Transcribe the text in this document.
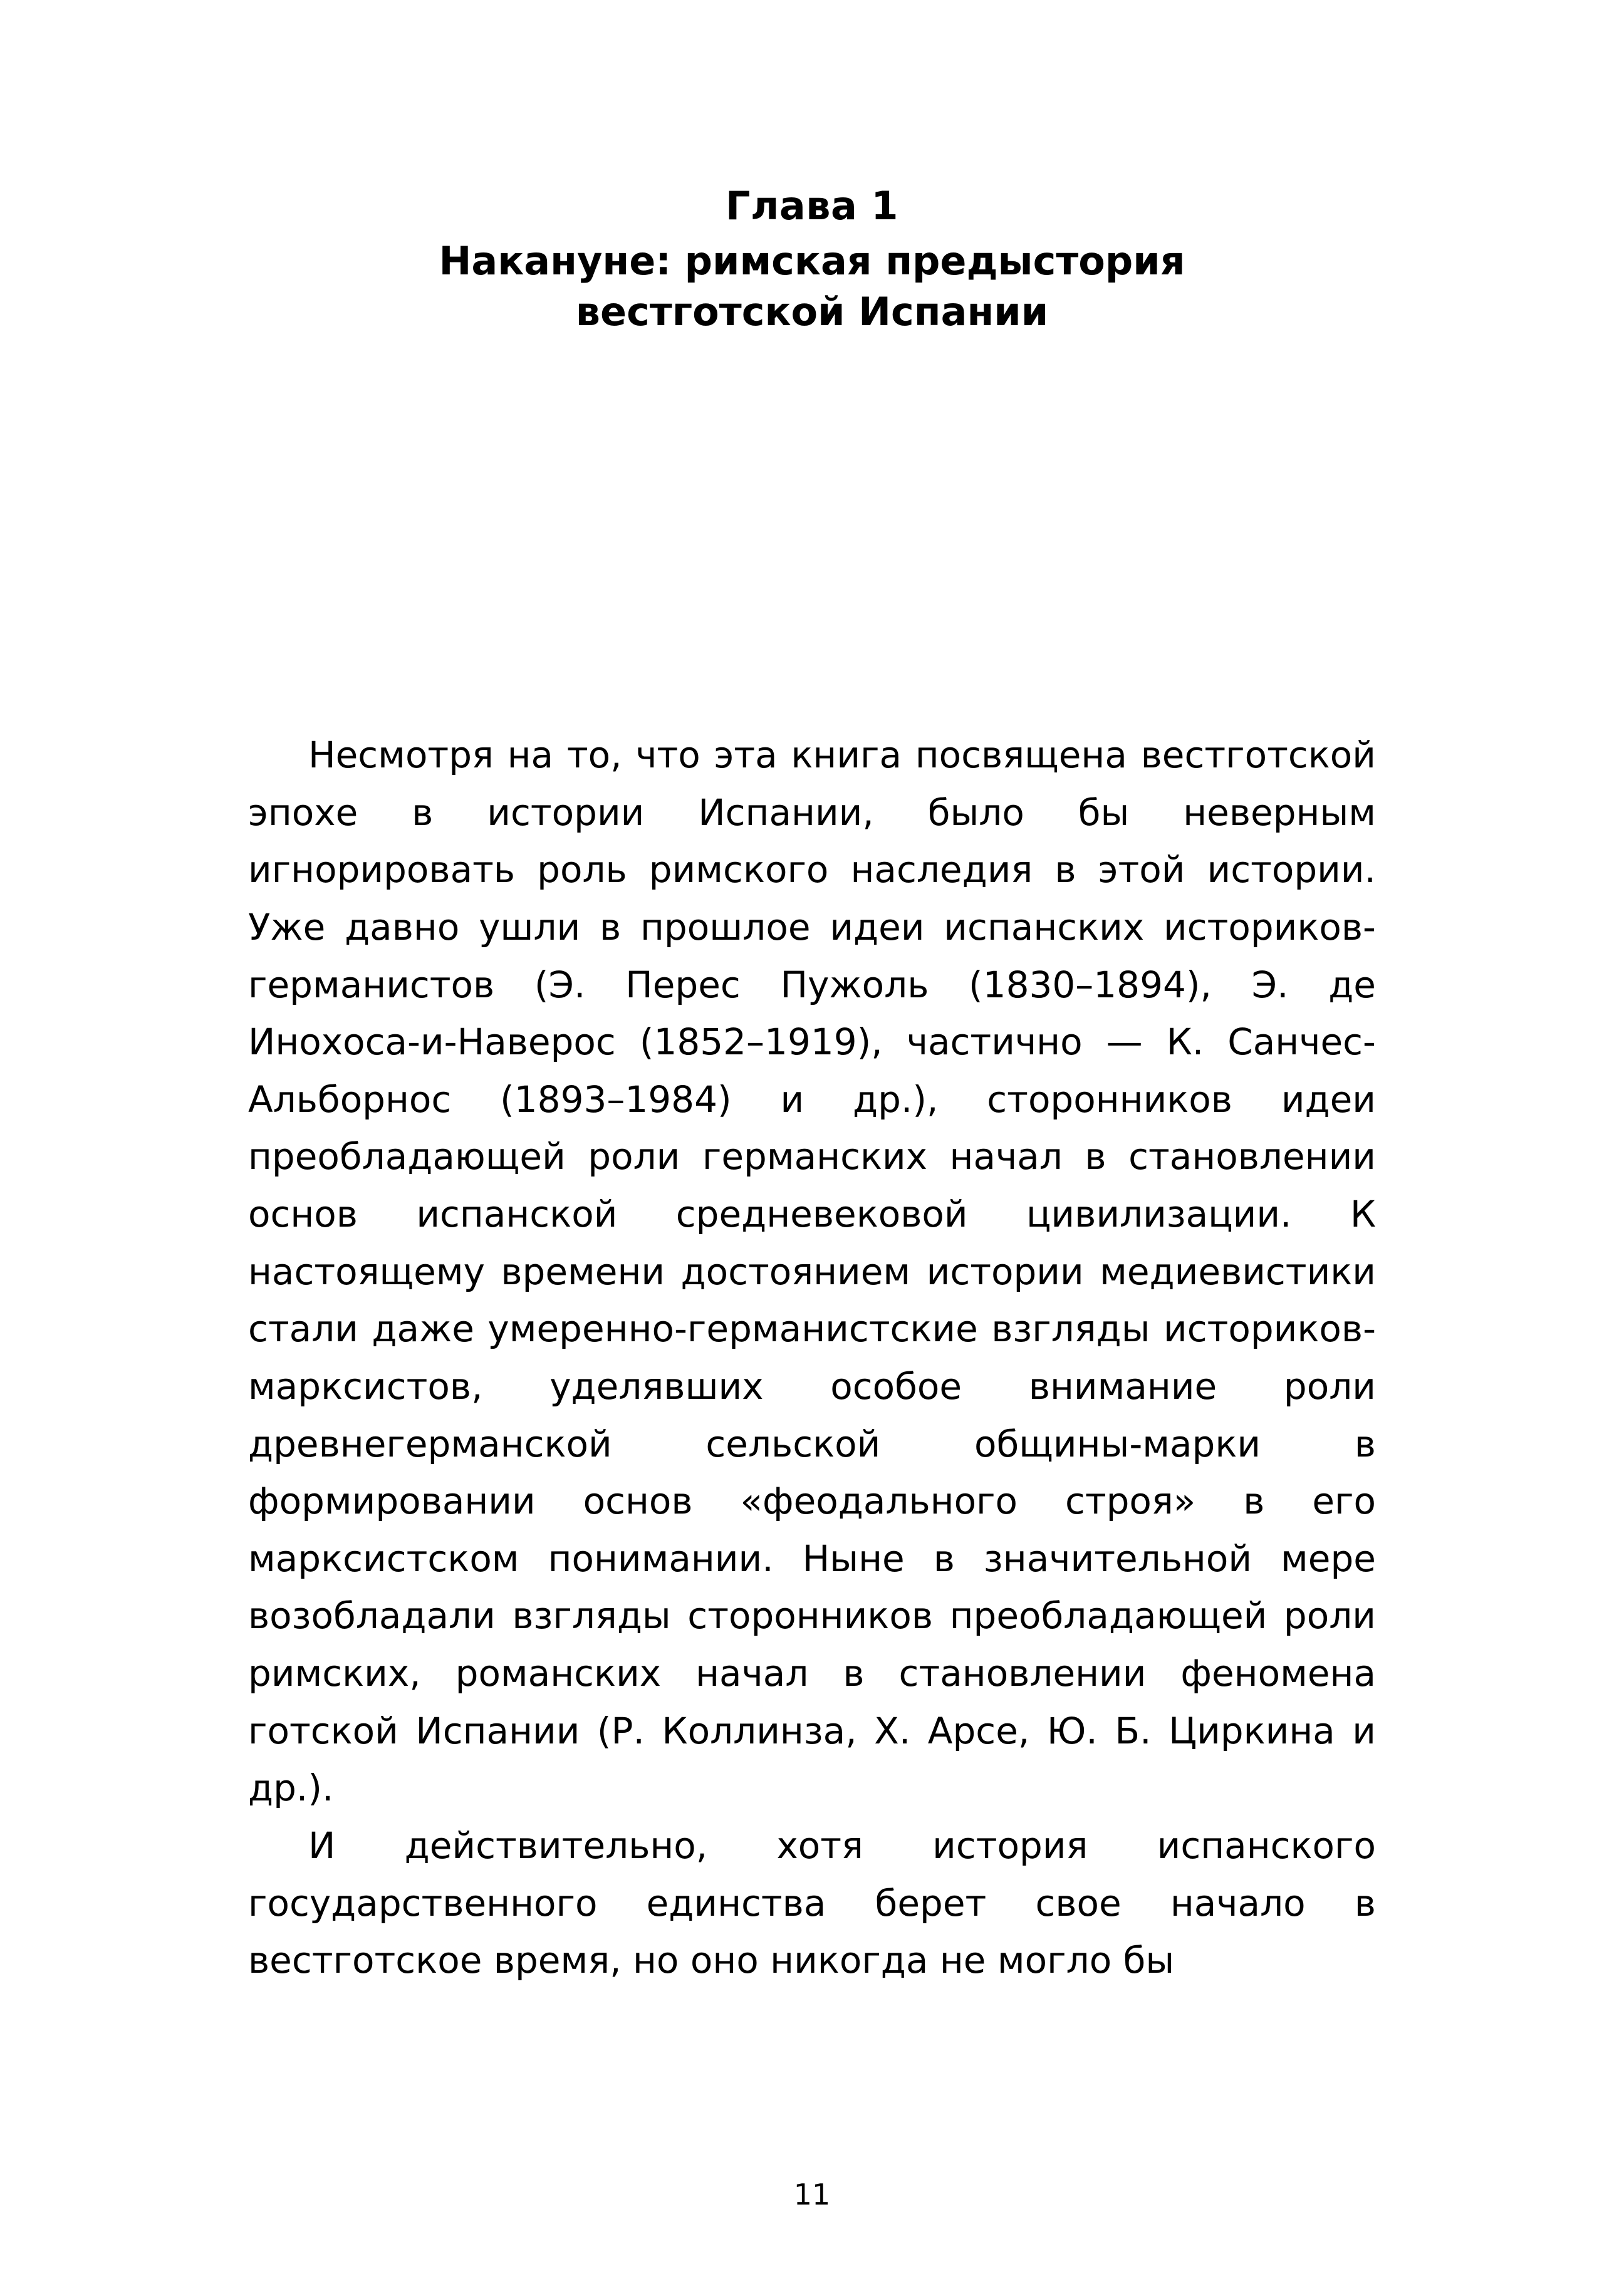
Глава 1
Накануне: римская предыстория
вестготской Испании

Несмотря на то, что эта книга посвящена вестготской эпохе в истории Испании, было бы неверным игнорировать роль римского наследия в этой истории. Уже давно ушли в прошлое идеи испанских историков-германистов (Э. Перес Пужоль (1830–1894), Э. де Инохоса-и-Наверос (1852–1919), частично — К. Санчес-Альборнос (1893–1984) и др.), сторонников идеи преобладающей роли германских начал в становлении основ испанской средневековой цивилизации. К настоящему времени достоянием истории медиевистики стали даже умеренно-германистские взгляды историков-марксистов, уделявших особое внимание роли древнегерманской сельской общины-марки в формировании основ «феодального строя» в его марксистском понимании. Ныне в значительной мере возобладали взгляды сторонников преобладающей роли римских, романских начал в становлении феномена готской Испании (Р. Коллинза, Х. Арсе, Ю. Б. Циркина и др.).

И действительно, хотя история испанского государственного единства берет свое начало в вестготское время, но оно никогда не могло бы

11
